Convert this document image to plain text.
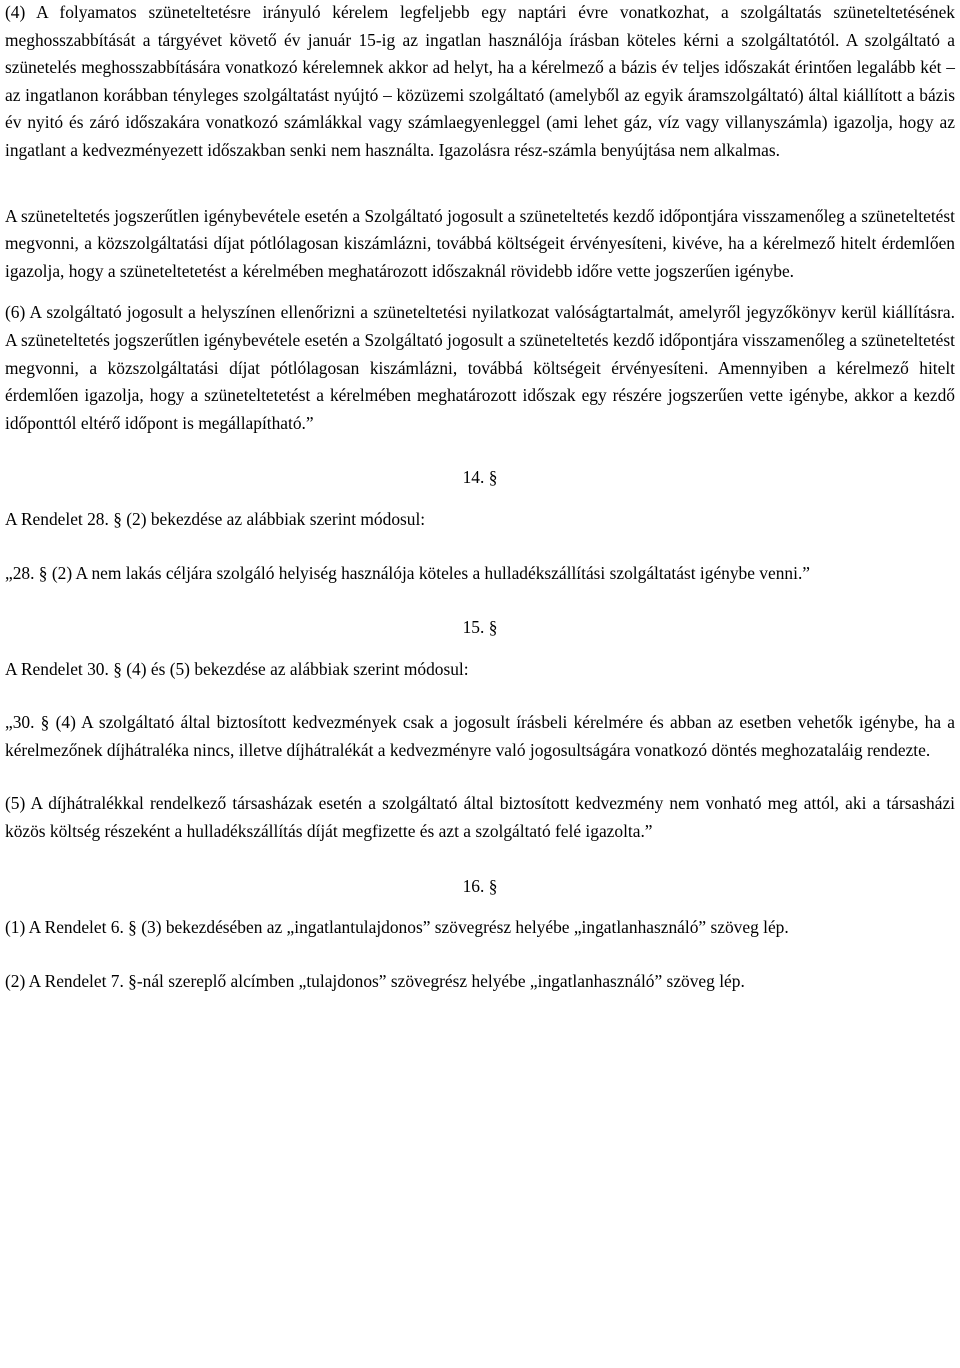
(4) A folyamatos szüneteltetésre irányuló kérelem legfeljebb egy naptári évre vonatkozhat, a szolgáltatás szüneteltetésének meghosszabbítását a tárgyévet követő év január 15-ig az ingatlan használója írásban köteles kérni a szolgáltatótól. A szolgáltató a szünetelés meghosszabbítására vonatkozó kérelemnek akkor ad helyt, ha a kérelmező a bázis év teljes időszakát érintően legalább két – az ingatlanon korábban tényleges szolgáltatást nyújtó – közüzemi szolgáltató (amelyből az egyik áramszolgáltató) által kiállított a bázis év nyitó és záró időszakára vonatkozó számlákkal vagy számlaegyenleggel (ami lehet gáz, víz vagy villanyszámla) igazolja, hogy az ingatlant a kedvezményezett időszakban senki nem használta. Igazolásra rész-számla benyújtása nem alkalmas.

A szüneteltetés jogszerűtlen igénybevétele esetén a Szolgáltató jogosult a szüneteltetés kezdő időpontjára visszamenőleg a szüneteltetést megvonni, a közszolgáltatási díjat pótlólagosan kiszámlázni, továbbá költségeit érvényesíteni, kivéve, ha a kérelmező hitelt érdemlően igazolja, hogy a szüneteltetetést a kérelmében meghatározott időszaknál rövidebb időre vette jogszerűen igénybe.

(6) A szolgáltató jogosult a helyszínen ellenőrizni a szüneteltetési nyilatkozat valóságtartalmát, amelyről jegyzőkönyv kerül kiállításra. A szüneteltetés jogszerűtlen igénybevétele esetén a Szolgáltató jogosult a szüneteltetés kezdő időpontjára visszamenőleg a szüneteltetést megvonni, a közszolgáltatási díjat pótlólagosan kiszámlázni, továbbá költségeit érvényesíteni. Amennyiben a kérelmező hitelt érdemlően igazolja, hogy a szüneteltetetést a kérelmében meghatározott időszak egy részére jogszerűen vette igénybe, akkor a kezdő időponttól eltérő időpont is megállapítható.”

14. §

A Rendelet 28. § (2) bekezdése az alábbiak szerint módosul:

„28. § (2) A nem lakás céljára szolgáló helyiség használója köteles a hulladékszállítási szolgáltatást igénybe venni.”

15. §

A Rendelet 30. § (4) és (5) bekezdése az alábbiak szerint módosul:

„30. § (4) A szolgáltató által biztosított kedvezmények csak a jogosult írásbeli kérelmére és abban az esetben vehetők igénybe, ha a kérelmezőnek díjhátraléka nincs, illetve díjhátralékát a kedvezményre való jogosultságára vonatkozó döntés meghozataláig rendezte.

(5) A díjhátralékkal rendelkező társasházak esetén a szolgáltató által biztosított kedvezmény nem vonható meg attól, aki a társasházi közös költség részeként a hulladékszállítás díját megfizette és azt a szolgáltató felé igazolta.”

16. §

(1) A Rendelet 6. § (3) bekezdésében az „ingatlantulajdonos” szövegrész helyébe „ingatlanhasználó” szöveg lép.

(2) A Rendelet 7. §-nál szereplő alcímben „tulajdonos” szövegrész helyébe „ingatlanhasználó” szöveg lép.
